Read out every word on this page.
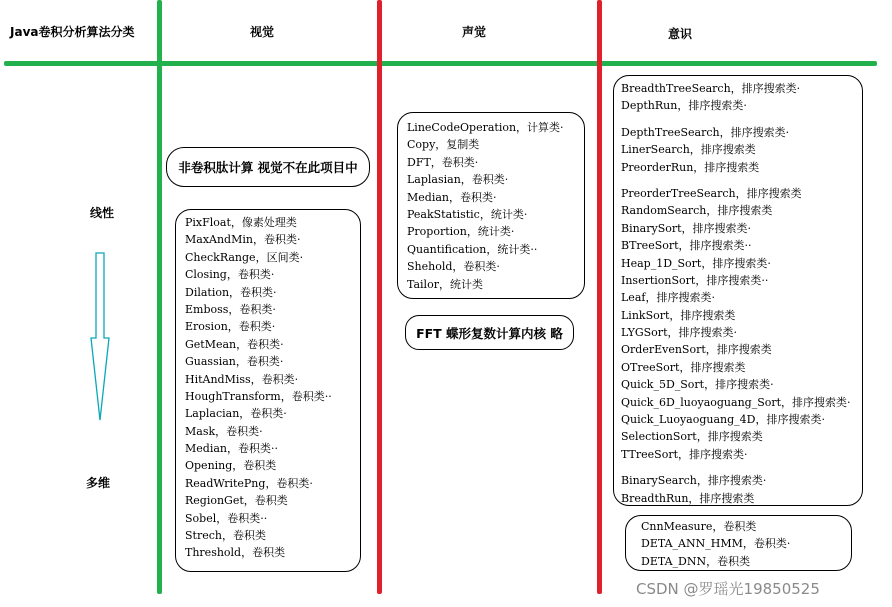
Java卷积分析算法分类	视觉	声觉	意识
线性
多维
非卷积肽计算 视觉不在此项目中
PixFloat，像素处理类
MaxAndMin，卷积类·
CheckRange，区间类·
Closing，卷积类·
Dilation，卷积类·
Emboss，卷积类·
Erosion，卷积类·
GetMean，卷积类·
Guassian，卷积类·
HitAndMiss，卷积类·
HoughTransform，卷积类··
Laplacian，卷积类·
Mask，卷积类·
Median，卷积类··
Opening，卷积类
ReadWritePng，卷积类·
RegionGet，卷积类
Sobel，卷积类··
Strech，卷积类
Threshold，卷积类
LineCodeOperation，计算类·
Copy，复制类
DFT，卷积类·
Laplasian，卷积类·
Median，卷积类·
PeakStatistic，统计类·
Proportion，统计类·
Quantification，统计类··
Shehold，卷积类·
Tailor，统计类
FFT 蝶形复数计算内核 略
BreadthTreeSearch，排序搜索类·
DepthRun，排序搜索类·
DepthTreeSearch，排序搜索类·
LinerSearch，排序搜索类
PreorderRun，排序搜索类
PreorderTreeSearch，排序搜索类
RandomSearch，排序搜索类
BinarySort，排序搜索类·
BTreeSort，排序搜索类··
Heap_1D_Sort，排序搜索类·
InsertionSort，排序搜索类··
Leaf，排序搜索类·
LinkSort，排序搜索类
LYGSort，排序搜索类·
OrderEvenSort，排序搜索类
OTreeSort，排序搜索类
Quick_5D_Sort，排序搜索类·
Quick_6D_luoyaoguang_Sort，排序搜索类·
Quick_Luoyaoguang_4D，排序搜索类·
SelectionSort，排序搜索类
TTreeSort，排序搜索类·
BinarySearch，排序搜索类·
BreadthRun，排序搜索类
CnnMeasure，卷积类
DETA_ANN_HMM，卷积类·
DETA_DNN，卷积类
CSDN @罗瑶光19850525
